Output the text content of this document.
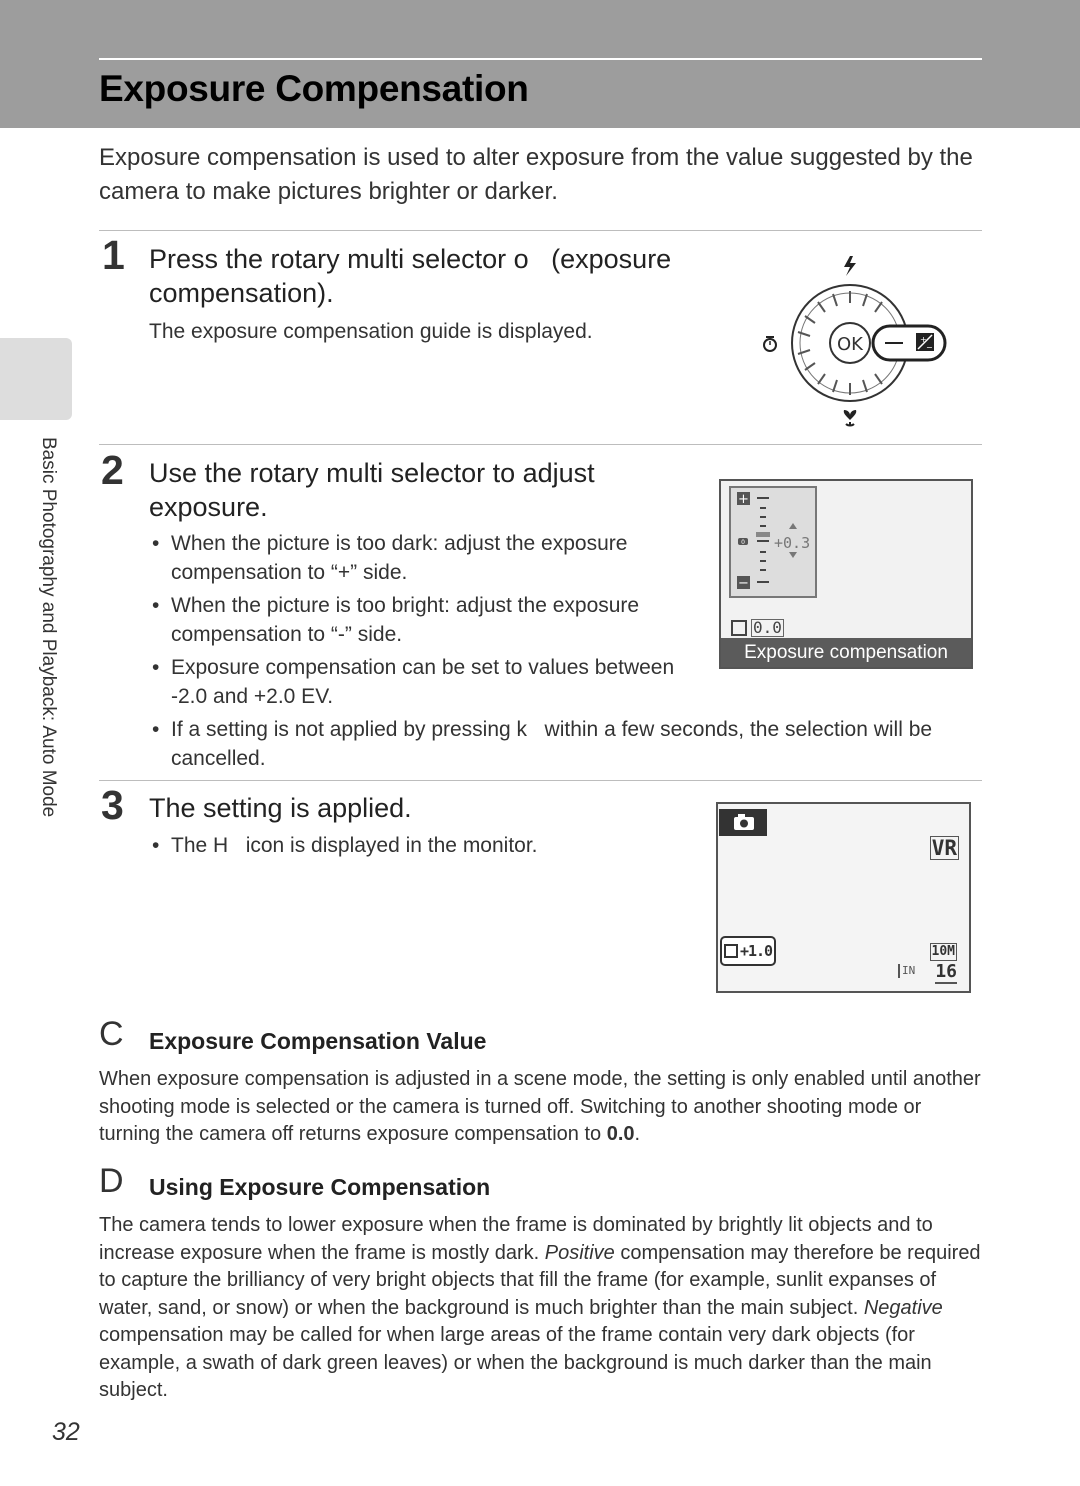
Exposure Compensation
Exposure compensation is used to alter exposure from the value suggested by the camera to make pictures brighter or darker.
Basic Photography and Playback: Auto Mode
1 Press the rotary multi selector o   (exposure
compensation).
The exposure compensation guide is displayed.
OK	+
−
2 Use the rotary multi selector to adjust
exposure.
• When the picture is too dark: adjust the exposure compensation to “+” side.
• When the picture is too bright: adjust the exposure compensation to “-” side.
• Exposure compensation can be set to values between -2.0 and +2.0 EV.
• If a setting is not applied by pressing k   within a few seconds, the selection will be cancelled.
+
−
0 +0.3
0.0
Exposure compensation
3 The setting is applied.
• The H   icon is displayed in the monitor.	VR
+1.0	10M
IN 16
C Exposure Compensation Value
When exposure compensation is adjusted in a scene mode, the setting is only enabled until another shooting mode is selected or the camera is turned off. Switching to another shooting mode or turning the camera off returns exposure compensation to 0.0.
D Using Exposure Compensation
The camera tends to lower exposure when the frame is dominated by brightly lit objects and to increase exposure when the frame is mostly dark. Positive compensation may therefore be required to capture the brilliancy of very bright objects that fill the frame (for example, sunlit expanses of water, sand, or snow) or when the background is much brighter than the main subject. Negative compensation may be called for when large areas of the frame contain very dark objects (for example, a swath of dark green leaves) or when the background is much darker than the main subject.
32
